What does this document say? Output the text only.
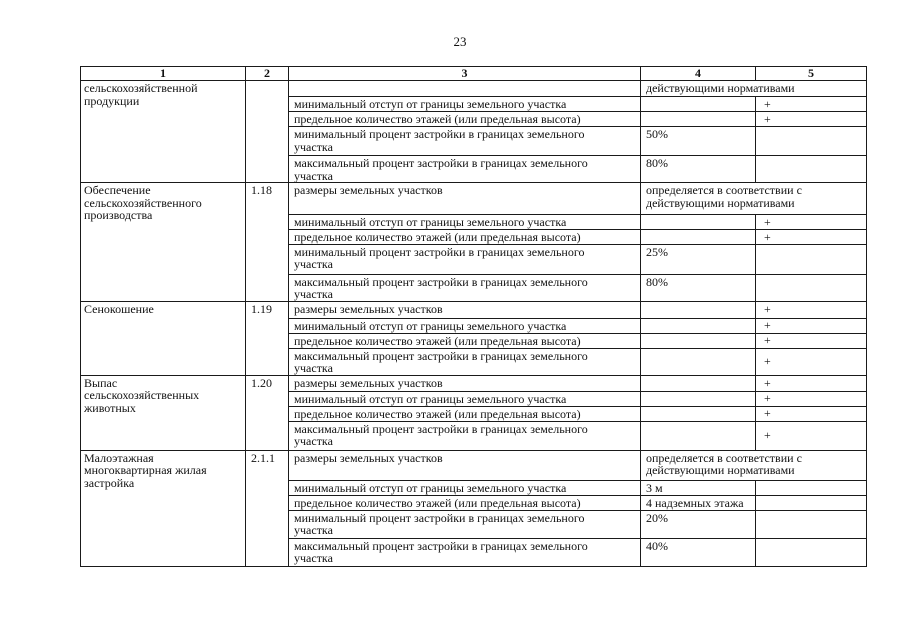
23
1	2	3	4	5
сельскохозяйственной продукции			действующими нормативами	
		минимальный отступ от границы земельного участка		+
		предельное количество этажей (или предельная высота)		+
		минимальный процент застройки в границах земельного участка	50%	
		максимальный процент застройки в границах земельного участка	80%	
Обеспечение сельскохозяйственного производства	1.18	размеры земельных участков	определяется в соответствии с действующими нормативами	
		минимальный отступ от границы земельного участка		+
		предельное количество этажей (или предельная высота)		+
		минимальный процент застройки в границах земельного участка	25%	
		максимальный процент застройки в границах земельного участка	80%	
Сенокошение	1.19	размеры земельных участков		+
		минимальный отступ от границы земельного участка		+
		предельное количество этажей (или предельная высота)		+
		максимальный процент застройки в границах земельного участка		+
Выпас сельскохозяйственных животных	1.20	размеры земельных участков		+
		минимальный отступ от границы земельного участка		+
		предельное количество этажей (или предельная высота)		+
		максимальный процент застройки в границах земельного участка		+
Малоэтажная многоквартирная жилая застройка	2.1.1	размеры земельных участков	определяется в соответствии с действующими нормативами	
		минимальный отступ от границы земельного участка	3 м	
		предельное количество этажей (или предельная высота)	4 надземных этажа	
		минимальный процент застройки в границах земельного участка	20%	
		максимальный процент застройки в границах земельного участка	40%	
